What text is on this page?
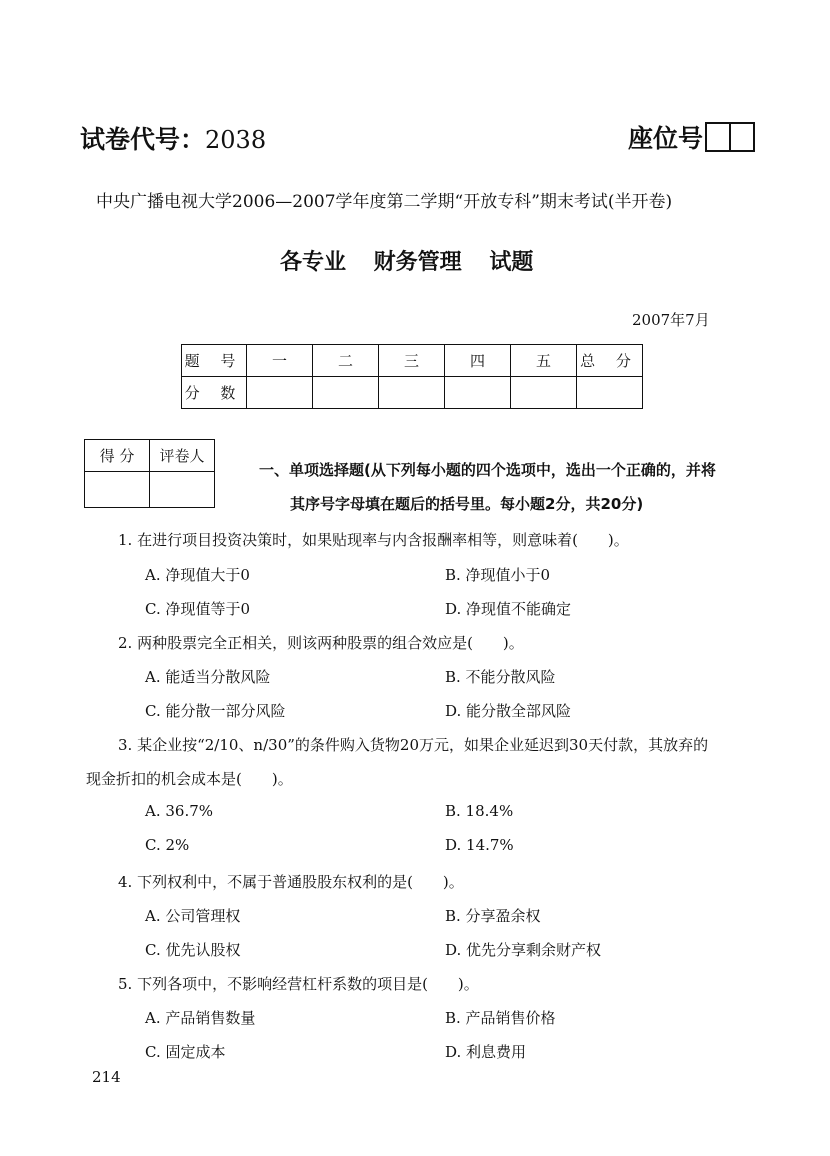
试卷代号：2038	座位号
中央广播电视大学2006—2007学年度第二学期“开放专科”期末考试(半开卷)
各专业 财务管理 试题
2007年7月
题 号	一	二	三	四	五	总 分
分 数						
得 分	评卷人

一、单项选择题(从下列每小题的四个选项中，选出一个正确的，并将
其序号字母填在题后的括号里。每小题2分，共20分)
1. 在进行项目投资决策时，如果贴现率与内含报酬率相等，则意味着(　　)。
A. 净现值大于0	B. 净现值小于0
C. 净现值等于0	D. 净现值不能确定
2. 两种股票完全正相关，则该两种股票的组合效应是(　　)。
A. 能适当分散风险	B. 不能分散风险
C. 能分散一部分风险	D. 能分散全部风险
3. 某企业按“2/10、n/30”的条件购入货物20万元，如果企业延迟到30天付款，其放弃的
现金折扣的机会成本是(　　)。
A. 36.7%	B. 18.4%
C. 2%	D. 14.7%
4. 下列权利中，不属于普通股股东权利的是(　　)。
A. 公司管理权	B. 分享盈余权
C. 优先认股权	D. 优先分享剩余财产权
5. 下列各项中，不影响经营杠杆系数的项目是(　　)。
A. 产品销售数量	B. 产品销售价格
C. 固定成本	D. 利息费用
214
